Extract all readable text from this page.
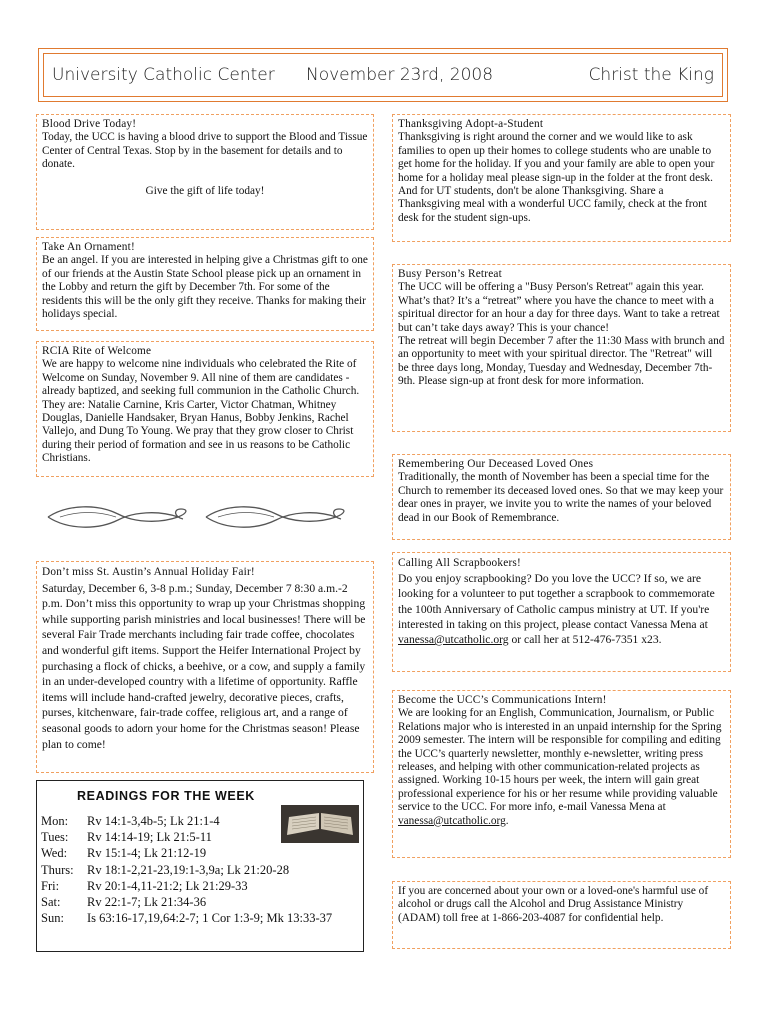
University Catholic Center November 23rd, 2008	Christ the King
Blood Drive Today!

Today, the UCC is having a blood drive to support the Blood and Tissue Center of Central Texas. Stop by in the basement for details and to donate.

Give the gift of life today!

Take An Ornament!

Be an angel. If you are interested in helping give a Christmas gift to one of our friends at the Austin State School please pick up an ornament in the Lobby and return the gift by December 7th. For some of the residents this will be the only gift they receive. Thanks for making their holidays special.

RCIA Rite of Welcome

We are happy to welcome nine individuals who celebrated the Rite of Welcome on Sunday, November 9. All nine of them are candidates - already baptized, and seeking full communion in the Catholic Church. They are: Natalie Carnine, Kris Carter, Victor Chatman, Whitney Douglas, Danielle Handsaker, Bryan Hanus, Bobby Jenkins, Rachel Vallejo, and Dung To Young. We pray that they grow closer to Christ during their period of formation and see in us reasons to be Catholic Christians.

Don’t miss St. Austin’s Annual Holiday Fair!

Saturday, December 6, 3-8 p.m.; Sunday, December 7 8:30 a.m.-2 p.m. Don’t miss this opportunity to wrap up your Christmas shopping while supporting parish ministries and local businesses! There will be several Fair Trade merchants including fair trade coffee, chocolates and wonderful gift items. Support the Heifer International Project by purchasing a flock of chicks, a beehive, or a cow, and supply a family in an under-developed country with a lifetime of opportunity. Raffle items will include hand-crafted jewelry, decorative pieces, crafts, purses, kitchenware, fair-trade coffee, religious art, and a range of seasonal goods to adorn your home for the Christmas season! Please plan to come!

READINGS FOR THE WEEK
Mon: Rv 14:1-3,4b-5; Lk 21:1-4
Tues: Rv 14:14-19; Lk 21:5-11
Wed: Rv 15:1-4; Lk 21:12-19
Thurs: Rv 18:1-2,21-23,19:1-3,9a; Lk 21:20-28
Fri: Rv 20:1-4,11-21:2; Lk 21:29-33
Sat: Rv 22:1-7; Lk 21:34-36
Sun: Is 63:16-17,19,64:2-7; 1 Cor 1:3-9; Mk 13:33-37
Thanksgiving Adopt-a-Student

Thanksgiving is right around the corner and we would like to ask families to open up their homes to college students who are unable to get home for the holiday. If you and your family are able to open your home for a holiday meal please sign-up in the folder at the front desk. And for UT students, don't be alone Thanksgiving. Share a Thanksgiving meal with a wonderful UCC family, check at the front desk for the student sign-ups.

Busy Person’s Retreat

The UCC will be offering a "Busy Person's Retreat" again this year. What’s that? It’s a “retreat” where you have the chance to meet with a spiritual director for an hour a day for three days. Want to take a retreat but can’t take days away? This is your chance!

The retreat will begin December 7 after the 11:30 Mass with brunch and an opportunity to meet with your spiritual director. The "Retreat" will be three days long, Monday, Tuesday and Wednesday, December 7th-9th. Please sign-up at front desk for more information.

Remembering Our Deceased Loved Ones

Traditionally, the month of November has been a special time for the Church to remember its deceased loved ones. So that we may keep your dear ones in prayer, we invite you to write the names of your beloved dead in our Book of Remembrance.

Calling All Scrapbookers!

Do you enjoy scrapbooking? Do you love the UCC? If so, we are looking for a volunteer to put together a scrapbook to commemorate the 100th Anniversary of Catholic campus ministry at UT. If you're interested in taking on this project, please contact Vanessa Mena at vanessa@utcatholic.org or call her at 512-476-7351 x23.

Become the UCC’s Communications Intern!

We are looking for an English, Communication, Journalism, or Public Relations major who is interested in an unpaid internship for the Spring 2009 semester. The intern will be responsible for compiling and editing the UCC’s quarterly newsletter, monthly e-newsletter, writing press releases, and helping with other communication-related projects as assigned. Working 10-15 hours per week, the intern will gain great professional experience for his or her resume while providing valuable service to the UCC. For more info, e-mail Vanessa Mena at vanessa@utcatholic.org.

If you are concerned about your own or a loved-one's harmful use of alcohol or drugs call the Alcohol and Drug Assistance Ministry (ADAM) toll free at 1-866-203-4087 for confidential help.
